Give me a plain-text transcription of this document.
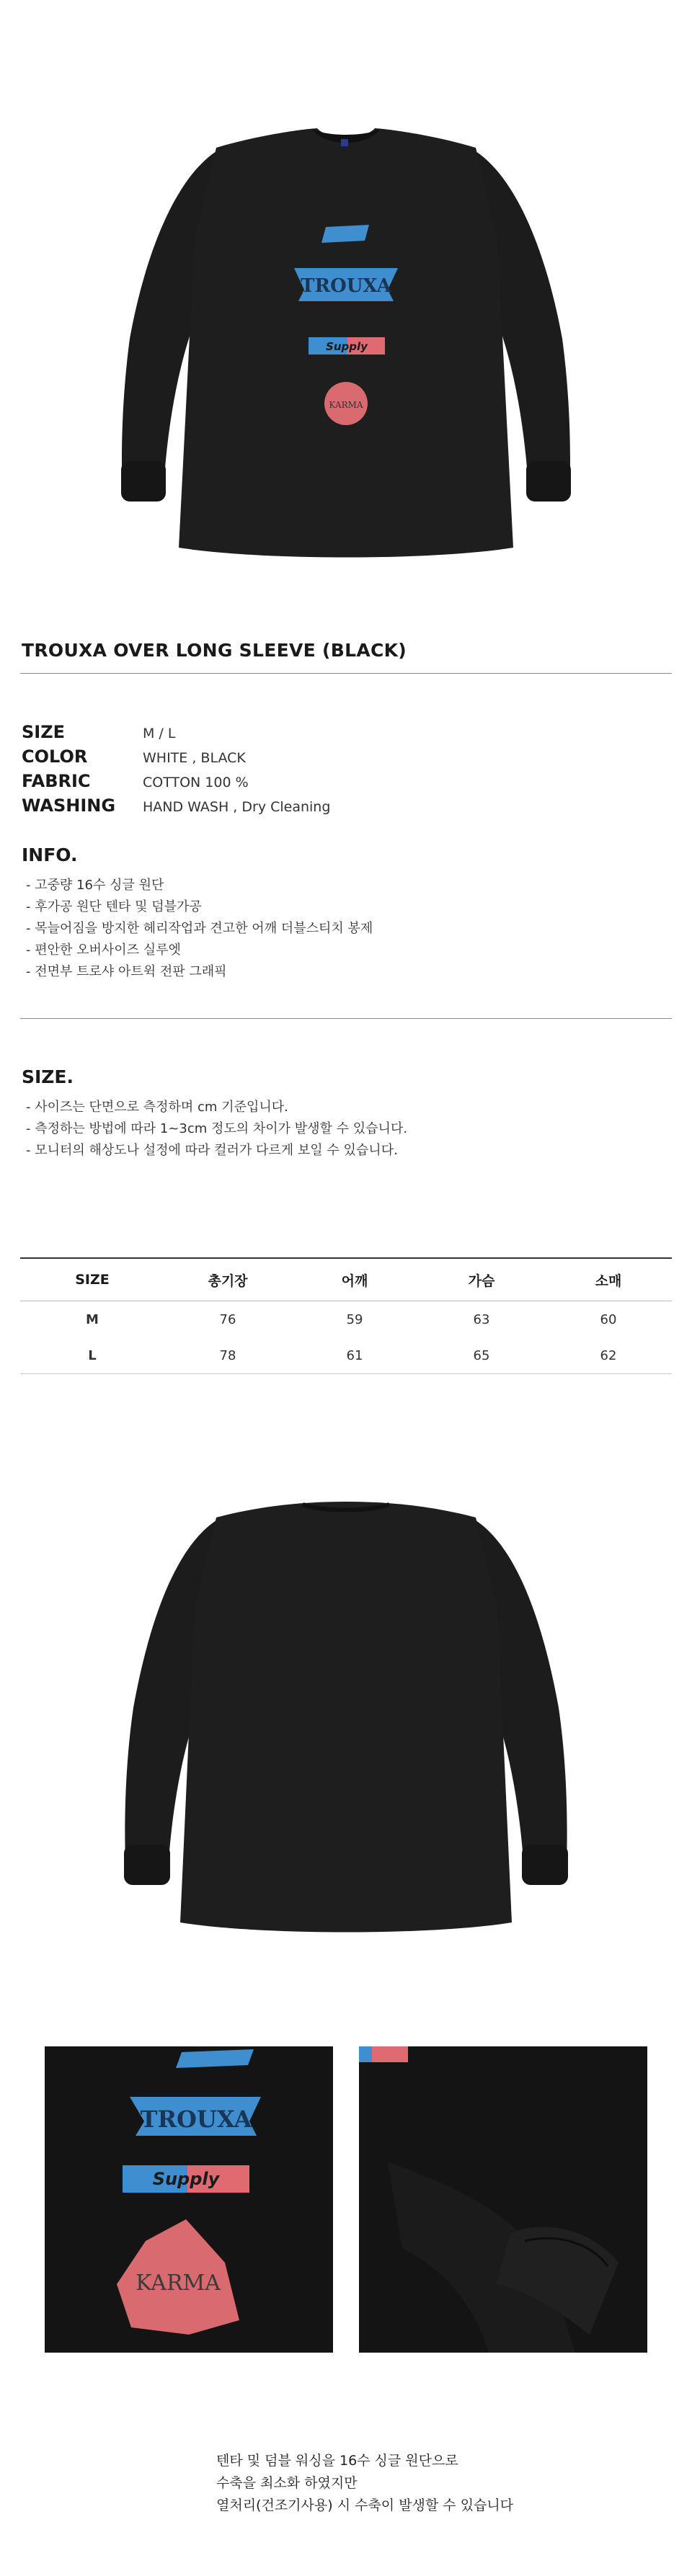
TROUXA
Supply
KARMA
TROUXA OVER LONG SLEEVE (BLACK)
SIZE	M / L
COLOR	WHITE , BLACK
FABRIC	COTTON 100 %
WASHING	HAND WASH , Dry Cleaning
INFO.
- 고중량 16수 싱글 원단
- 후가공 원단 텐타 및 덤블가공
- 목늘어짐을 방지한 헤리작업과 견고한 어깨 더블스티치 봉제
- 편안한 오버사이즈 실루엣
- 전면부 트로샤 아트윅 전판 그래픽
SIZE.
- 사이즈는 단면으로 측정하며 cm 기준입니다.
- 측정하는 방법에 따라 1~3cm 정도의 차이가 발생할 수 있습니다.
- 모니터의 해상도나 설정에 따라 컬러가 다르게 보일 수 있습니다.
SIZE	총기장	어깨	가슴	소매
M	76	59	63	60
L	78	61	65	62
TROUXA
Supply
KARMA
텐타 및 덤블 워싱을 16수 싱글 원단으로
수축을 최소화 하였지만
열처리(건조기사용) 시 수축이 발생할 수 있습니다
